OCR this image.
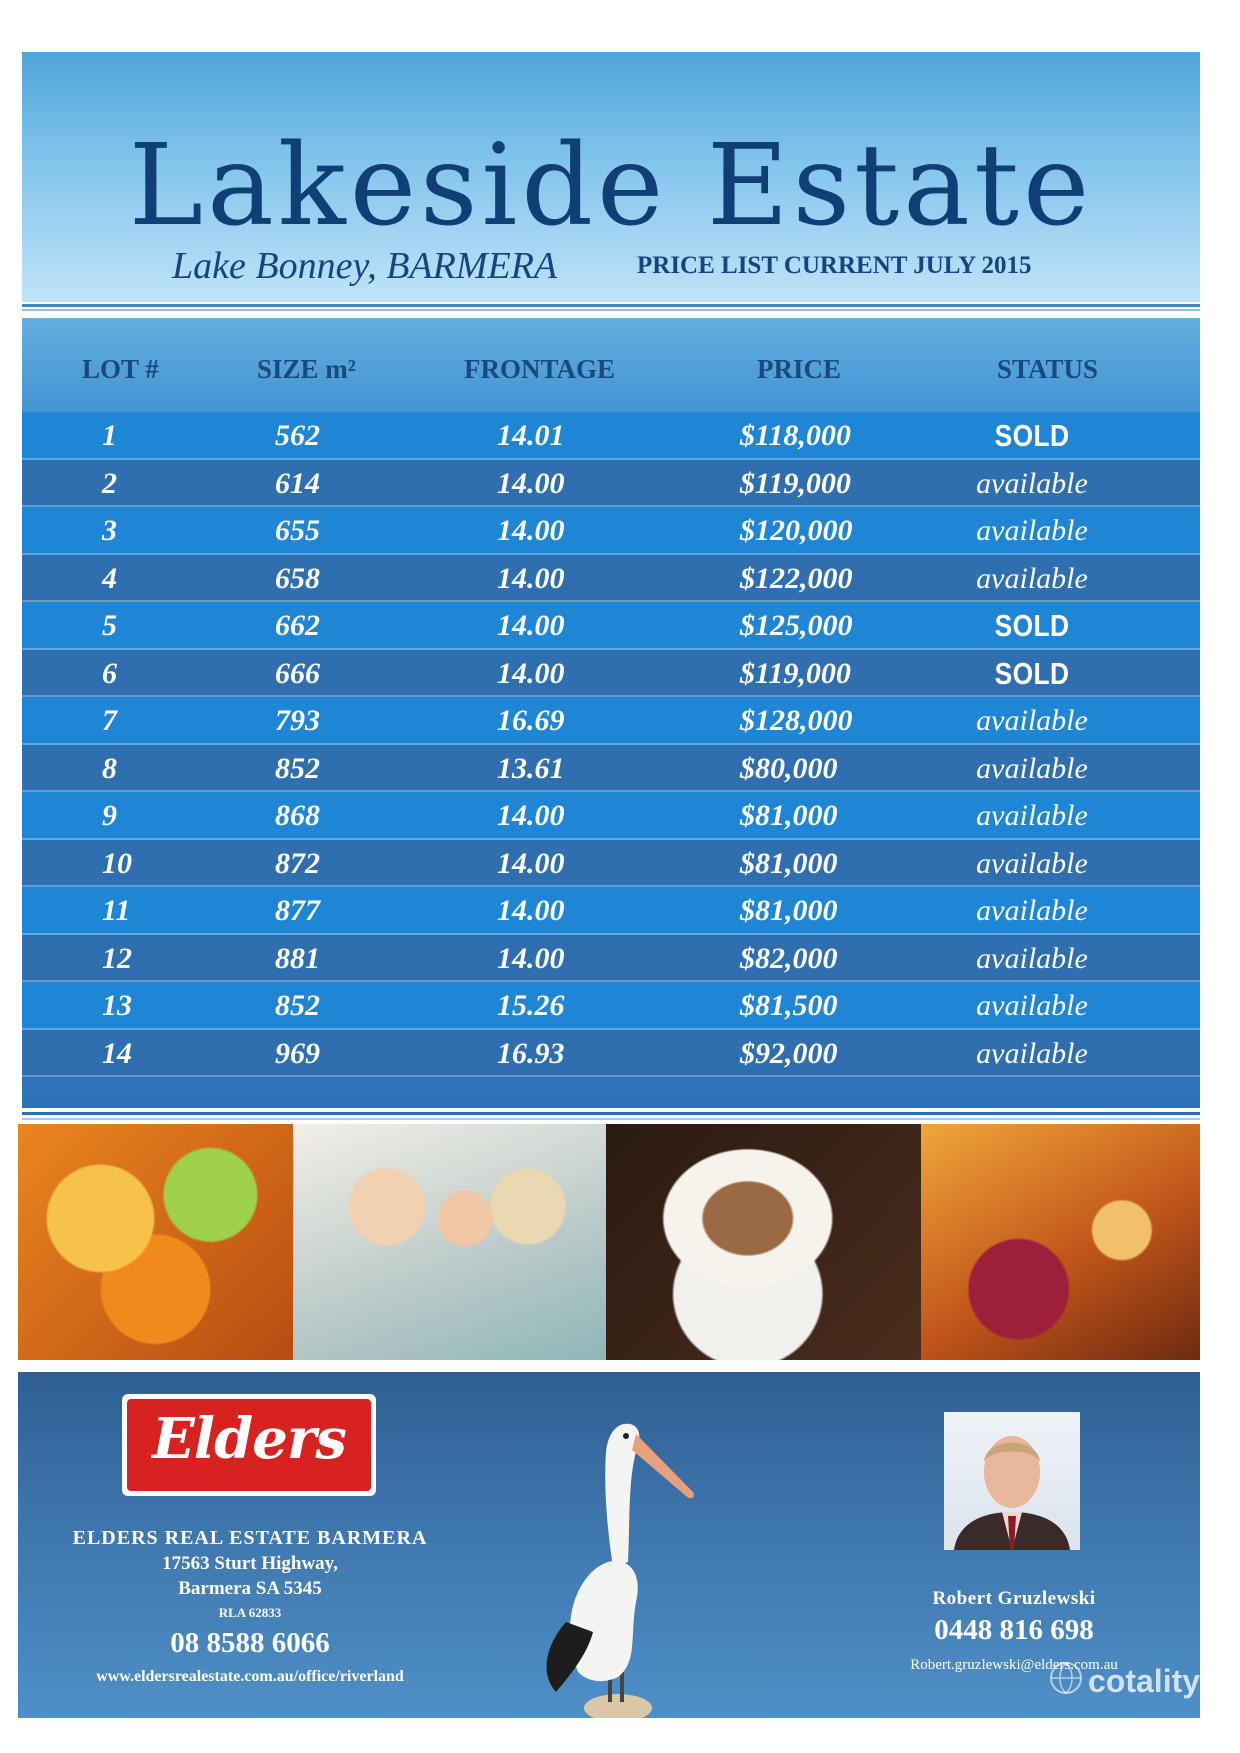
Lakeside Estate
Lake Bonney, BARMERA	PRICE LIST CURRENT JULY 2015
LOT #	SIZE m²	FRONTAGE	PRICE	STATUS
1	562	14.01	$118,000	SOLD
2	614	14.00	$119,000	available
3	655	14.00	$120,000	available
4	658	14.00	$122,000	available
5	662	14.00	$125,000	SOLD
6	666	14.00	$119,000	SOLD
7	793	16.69	$128,000	available
8	852	13.61	$80,000	available
9	868	14.00	$81,000	available
10	872	14.00	$81,000	available
11	877	14.00	$81,000	available
12	881	14.00	$82,000	available
13	852	15.26	$81,500	available
14	969	16.93	$92,000	available
Elders
ELDERS REAL ESTATE BARMERA
17563 Sturt Highway,
Barmera SA 5345
RLA 62833
08 8588 6066
www.eldersrealestate.com.au/office/riverland
Robert Gruzlewski
0448 816 698
Robert.gruzlewski@elders.com.au
cotality
